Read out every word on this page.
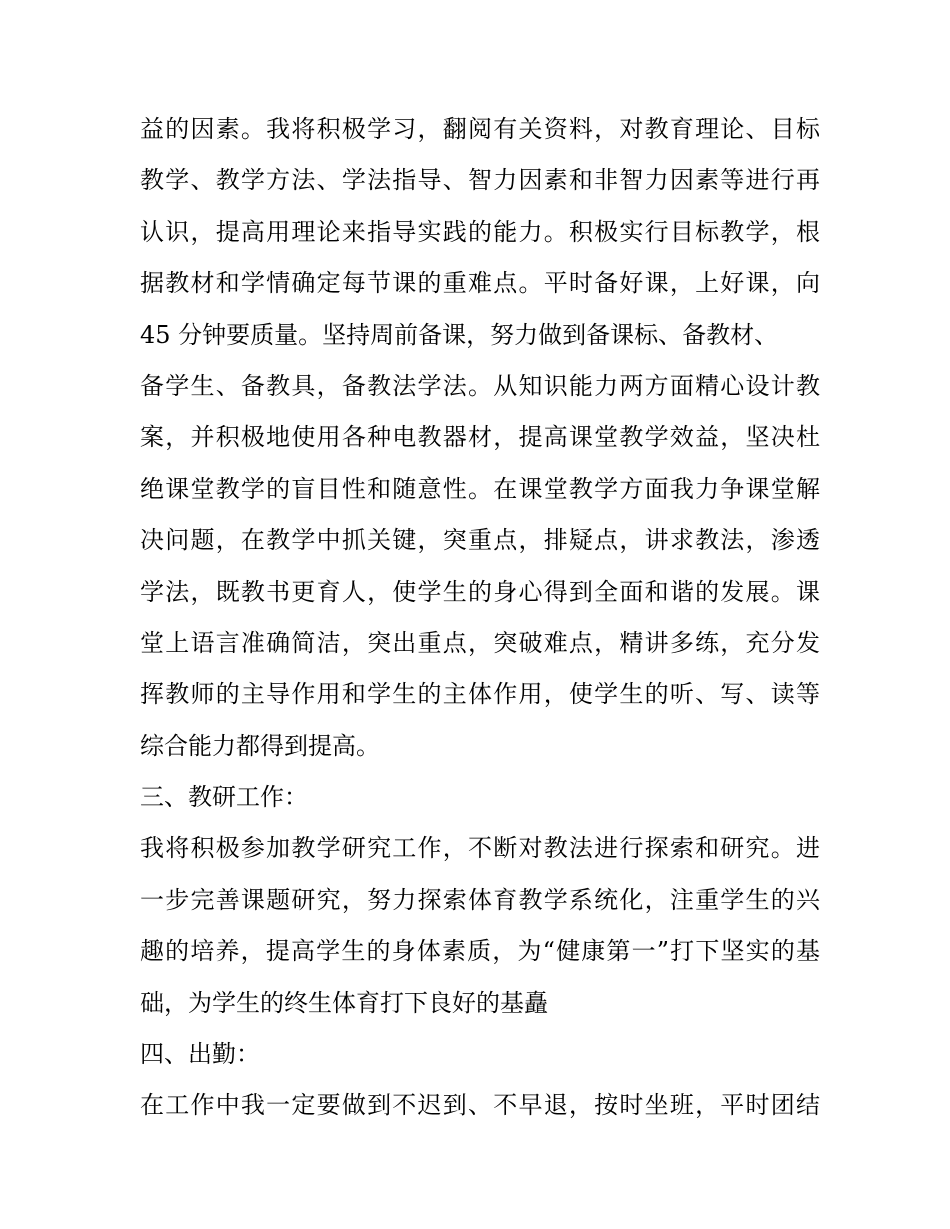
益的因素。我将积极学习，翻阅有关资料，对教育理论、目标
教学、教学方法、学法指导、智力因素和非智力因素等进行再
认识，提高用理论来指导实践的能力。积极实行目标教学，根
据教材和学情确定每节课的重难点。平时备好课，上好课，向
45 分钟要质量。坚持周前备课，努力做到备课标、备教材、
备学生、备教具，备教法学法。从知识能力两方面精心设计教
案，并积极地使用各种电教器材，提高课堂教学效益，坚决杜
绝课堂教学的盲目性和随意性。在课堂教学方面我力争课堂解
决问题，在教学中抓关键，突重点，排疑点，讲求教法，渗透
学法，既教书更育人，使学生的身心得到全面和谐的发展。课
堂上语言准确简洁，突出重点，突破难点，精讲多练，充分发
挥教师的主导作用和学生的主体作用，使学生的听、写、读等
综合能力都得到提高。
三、教研工作：
我将积极参加教学研究工作，不断对教法进行探索和研究。进
一步完善课题研究，努力探索体育教学系统化，注重学生的兴
趣的培养，提高学生的身体素质，为“健康第一”打下坚实的基
础，为学生的终生体育打下良好的基矗
四、出勤：
在工作中我一定要做到不迟到、不早退，按时坐班，平时团结
